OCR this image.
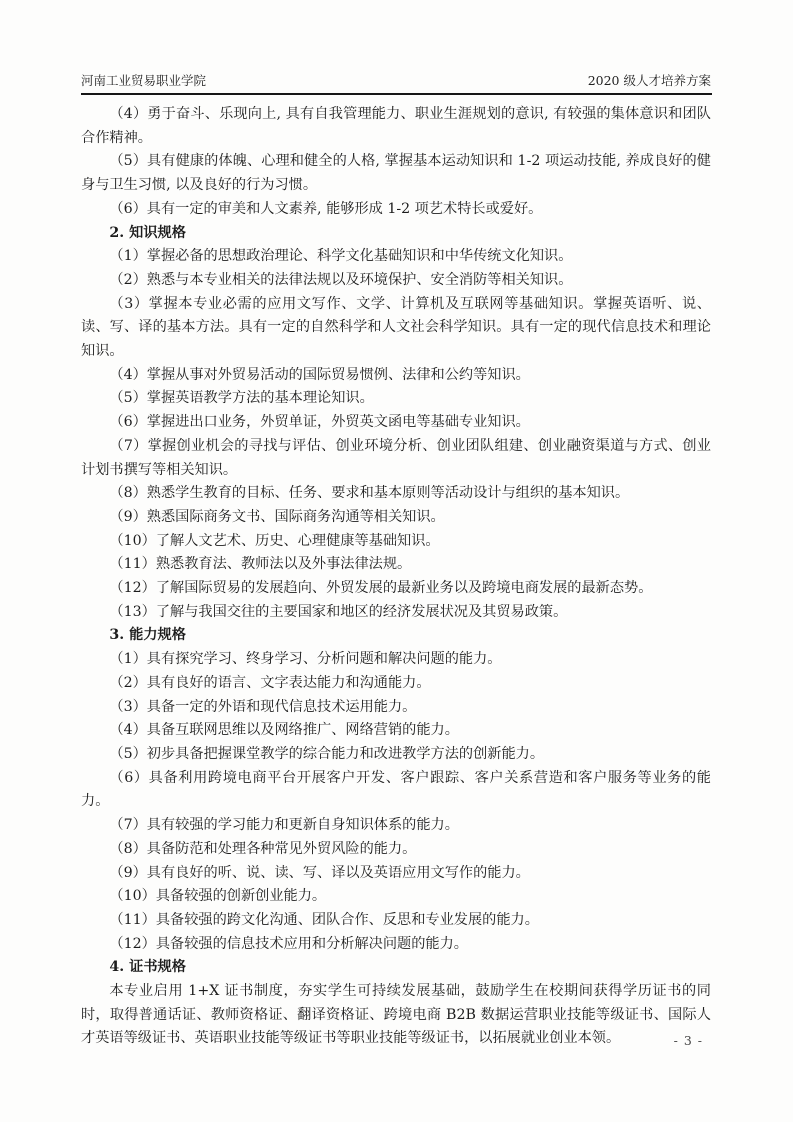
河南工业贸易职业学院	2020 级人才培养方案

（4）勇于奋斗、乐现向上, 具有自我管理能力、职业生涯规划的意识, 有较强的集体意识和团队合作精神。

（5）具有健康的体魄、心理和健全的人格, 掌握基本运动知识和 1-2 项运动技能, 养成良好的健身与卫生习惯, 以及良好的行为习惯。

（6）具有一定的审美和人文素养, 能够形成 1-2 项艺术特长或爱好。

2. 知识规格

（1）掌握必备的思想政治理论、科学文化基础知识和中华传统文化知识。

（2）熟悉与本专业相关的法律法规以及环境保护、安全消防等相关知识。

（3）掌握本专业必需的应用文写作、文学、计算机及互联网等基础知识。掌握英语听、说、读、写、译的基本方法。具有一定的自然科学和人文社会科学知识。具有一定的现代信息技术和理论知识。

（4）掌握从事对外贸易活动的国际贸易惯例、法律和公约等知识。

（5）掌握英语教学方法的基本理论知识。

（6）掌握进出口业务，外贸单证，外贸英文函电等基础专业知识。

（7）掌握创业机会的寻找与评估、创业环境分析、创业团队组建、创业融资渠道与方式、创业计划书撰写等相关知识。

（8）熟悉学生教育的目标、任务、要求和基本原则等活动设计与组织的基本知识。

（9）熟悉国际商务文书、国际商务沟通等相关知识。

（10）了解人文艺术、历史、心理健康等基础知识。

（11）熟悉教育法、教师法以及外事法律法规。

（12）了解国际贸易的发展趋向、外贸发展的最新业务以及跨境电商发展的最新态势。

（13）了解与我国交往的主要国家和地区的经济发展状况及其贸易政策。

3. 能力规格

（1）具有探究学习、终身学习、分析问题和解决问题的能力。

（2）具有良好的语言、文字表达能力和沟通能力。

（3）具备一定的外语和现代信息技术运用能力。

（4）具备互联网思维以及网络推广、网络营销的能力。

（5）初步具备把握课堂教学的综合能力和改进教学方法的创新能力。

（6）具备利用跨境电商平台开展客户开发、客户跟踪、客户关系营造和客户服务等业务的能力。

（7）具有较强的学习能力和更新自身知识体系的能力。

（8）具备防范和处理各种常见外贸风险的能力。

（9）具有良好的听、说、读、写、译以及英语应用文写作的能力。

（10）具备较强的创新创业能力。

（11）具备较强的跨文化沟通、团队合作、反思和专业发展的能力。

（12）具备较强的信息技术应用和分析解决问题的能力。

4. 证书规格

本专业启用 1+X 证书制度，夯实学生可持续发展基础，鼓励学生在校期间获得学历证书的同时，取得普通话证、教师资格证、翻译资格证、跨境电商 B2B 数据运营职业技能等级证书、国际人才英语等级证书、英语职业技能等级证书等职业技能等级证书，以拓展就业创业本领。	- 3 -
